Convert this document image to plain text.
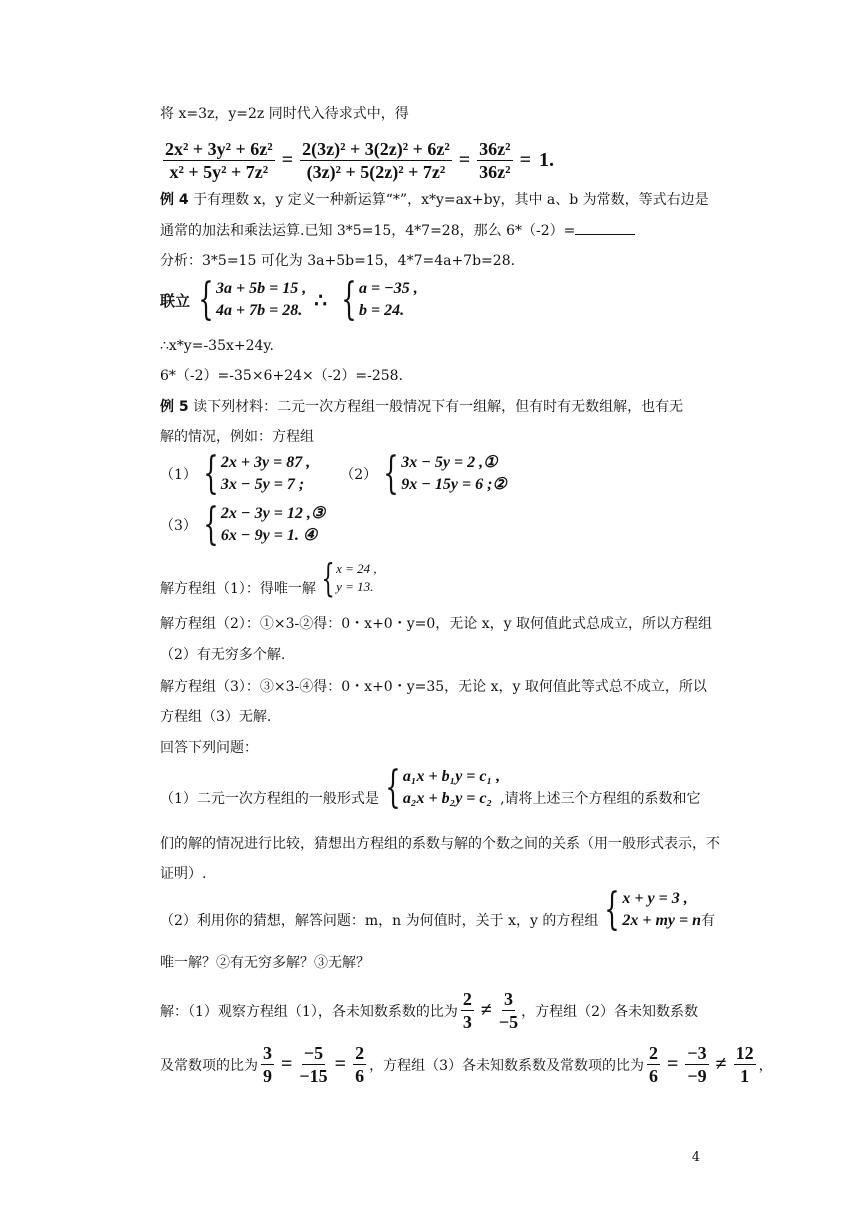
将 x=3z，y=2z 同时代入待求式中，得
$\frac{\text{2x² + 3y² + 6z²}}{\text{x² + 5y² + 7z²}} = \frac{\text{2(3z)² + 3(2z)² + 6z²}}{\text{(3z)² + 5(2z)² + 7z²}} = \frac{\text{36z²}}{\text{36z²}} = 1$.
例 4 于有理数 x，y 定义一种新运算“*”，x*y=ax+by，其中 a、b 为常数，等式右边是
通常的加法和乘法运算.已知 3*5=15，4*7=28，那么 6*（-2）=
分析：3*5=15 可化为 3a+5b=15，4*7=4a+7b=28.
联立 { 3a + 5b = 15 ,
4a + 7b = 28. ∴ { a = −35 ,
b = 24.
∴x*y=-35x+24y.
6*（-2）=-35×6+24×（-2）=-258.
例 5 读下列材料：二元一次方程组一般情况下有一组解，但有时有无数组解，也有无
解的情况，例如：方程组
（1） { 2x + 3y = 87 ,
3x − 5y = 7 ;
（2） { 3x − 5y = 2 ,①
9x − 15y = 6 ;②
（3） { 2x − 3y = 12 ,③
6x − 9y = 1. ④
解方程组（1）：得唯一解 { x = 24 ,
y = 13.
解方程组（2）：①×3-②得：0・x+0・y=0，无论 x，y 取何值此式总成立，所以方程组
（2）有无穷多个解.
解方程组（3）：③×3-④得：0・x+0・y=35，无论 x，y 取何值此等式总不成立，所以
方程组（3）无解.
回答下列问题：
（1）二元一次方程组的一般形式是 { a₁x + b₁y = c₁ ,
a₂x + b₂y = c₂ ,请将上述三个方程组的系数和它
们的解的情况进行比较，猜想出方程组的系数与解的个数之间的关系（用一般形式表示，不
证明）.
（2）利用你的猜想，解答问题：m，n 为何值时，关于 x，y 的方程组 { x + y = 3 ,
2x + my = n 有
唯一解？②有无穷多解？③无解？
解：（1）观察方程组（1），各未知数系数的比为 $\frac{2}{3} \ne \frac{3}{-5}$ ，方程组（2）各未知数系数
及常数项的比为 $\frac{3}{9} = \frac{-5}{-15} = \frac{2}{6}$ ，方程组（3）各未知数系数及常数项的比为 $\frac{2}{6} = \frac{-3}{-9} \ne \frac{12}{1}$ ，
4
